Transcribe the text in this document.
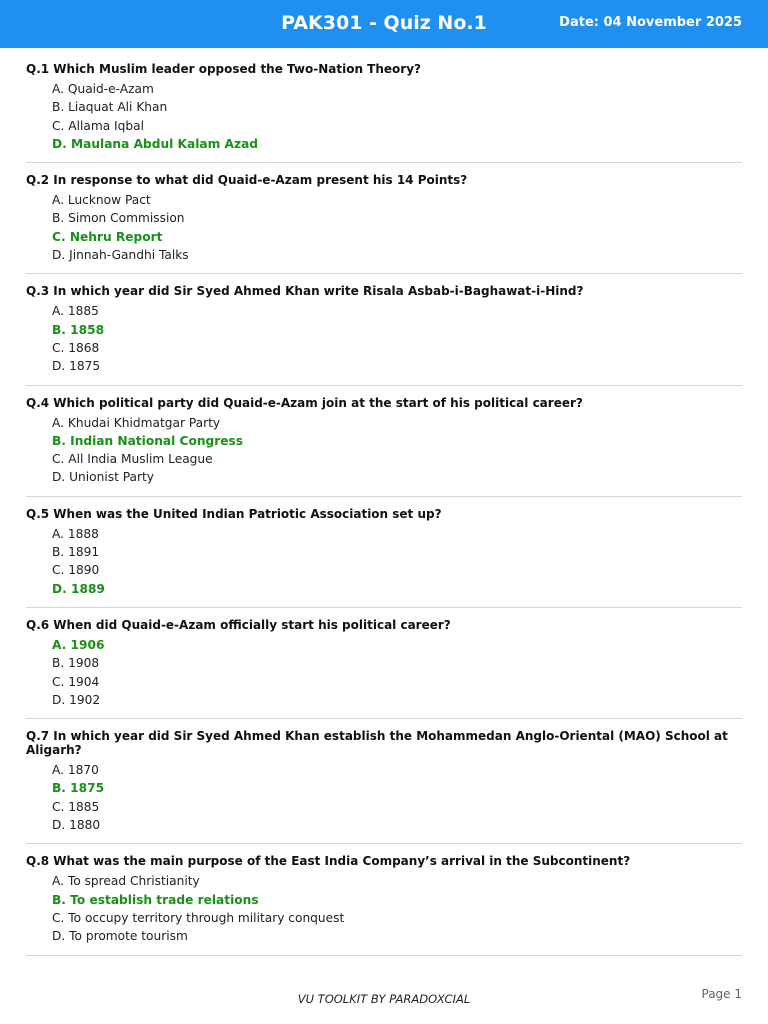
PAK301 - Quiz No.1	Date: 04 November 2025
Q.1 Which Muslim leader opposed the Two-Nation Theory?
A. Quaid-e-Azam
B. Liaquat Ali Khan
C. Allama Iqbal
D. Maulana Abdul Kalam Azad
Q.2 In response to what did Quaid-e-Azam present his 14 Points?
A. Lucknow Pact
B. Simon Commission
C. Nehru Report
D. Jinnah-Gandhi Talks
Q.3 In which year did Sir Syed Ahmed Khan write Risala Asbab-i-Baghawat-i-Hind?
A. 1885
B. 1858
C. 1868
D. 1875
Q.4 Which political party did Quaid-e-Azam join at the start of his political career?
A. Khudai Khidmatgar Party
B. Indian National Congress
C. All India Muslim League
D. Unionist Party
Q.5 When was the United Indian Patriotic Association set up?
A. 1888
B. 1891
C. 1890
D. 1889
Q.6 When did Quaid-e-Azam officially start his political career?
A. 1906
B. 1908
C. 1904
D. 1902
Q.7 In which year did Sir Syed Ahmed Khan establish the Mohammedan Anglo-Oriental (MAO) School at Aligarh?
A. 1870
B. 1875
C. 1885
D. 1880
Q.8 What was the main purpose of the East India Company’s arrival in the Subcontinent?
A. To spread Christianity
B. To establish trade relations
C. To occupy territory through military conquest
D. To promote tourism
VU TOOLKIT BY PARADOXCIAL	Page 1
